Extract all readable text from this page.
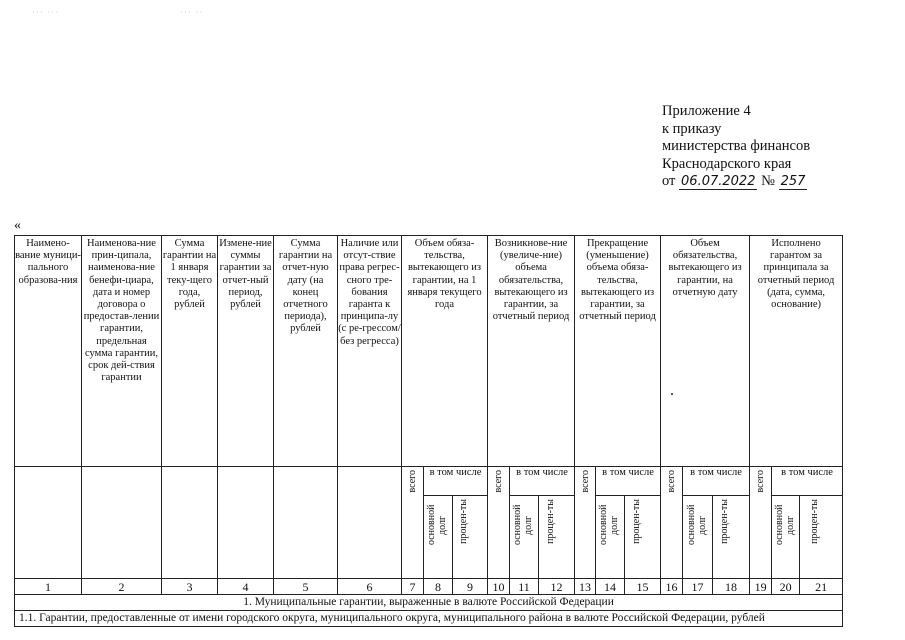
˙˙˙ ˙˙˙	˙˙˙ ˙˙
Приложение 4
к приказу
министерства финансов
Краснодарского края
от 06.07.2022 № 257
«
Наимено-вание муници-пального образова-ния	Наименова-ние прин-ципала, наименова-ние бенефи-циара, дата и номер договора о предостав-лении гарантии, предельная сумма гарантии, срок дей-ствия гарантии	Сумма гарантии на 1 января теку-щего года, рублей	Измене-ние суммы гарантии за отчет-ный период, рублей	Сумма гарантии на отчет-ную дату (на конец отчетного периода), рублей	Наличие или отсут-ствие права регрес-сного тре-бования гаранта к принципа-лу (с ре-грессом/ без регресса)	Объем обяза-тельства, вытекающего из гарантии, на 1 января текущего года			Возникнове-ние (увеличе-ние) объема обязательства, вытекающего из гарантии, за отчетный период			Прекращение (уменьшение) объема обяза-тельства, вытекающего из гарантии, за отчетный период			Объем обязательства, вытекающего из гарантии, на отчетную дату			Исполнено гарантом за принципала за отчетный период (дата, сумма, основание)		
						всего	в том числе		всего	в том числе		всего	в том числе		всего	в том числе		всего	в том числе	
							основной долг	процен-ты		основной долг	процен-ты		основной долг	процен-ты		основной долг	процен-ты		основной долг	процен-ты
1	2	3	4	5	6	7	8	9	10	11	12	13	14	15	16	17	18	19	20	21
1. Муниципальные гарантии, выраженные в валюте Российской Федерации																				
1.1. Гарантии, предоставленные от имени городского округа, муниципального округа, муниципального района в валюте Российской Федерации, рублей																				
